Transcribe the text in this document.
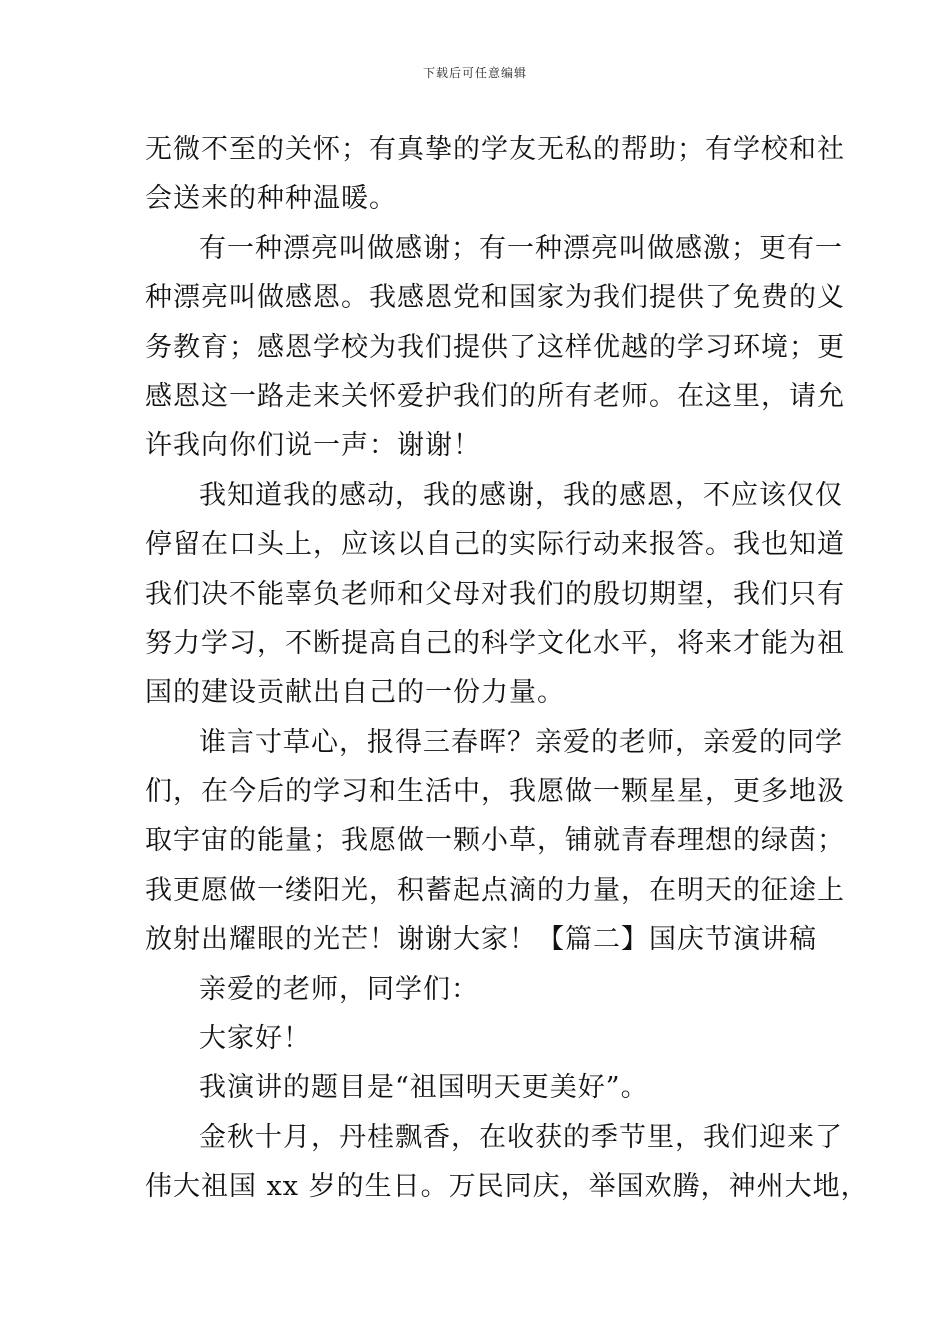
下载后可任意编辑
无微不至的关怀；有真挚的学友无私的帮助；有学校和社
会送来的种种温暖。
有一种漂亮叫做感谢；有一种漂亮叫做感激；更有一
种漂亮叫做感恩。我感恩党和国家为我们提供了免费的义
务教育；感恩学校为我们提供了这样优越的学习环境；更
感恩这一路走来关怀爱护我们的所有老师。在这里，请允
许我向你们说一声：谢谢！
我知道我的感动，我的感谢，我的感恩，不应该仅仅
停留在口头上，应该以自己的实际行动来报答。我也知道
我们决不能辜负老师和父母对我们的殷切期望，我们只有
努力学习，不断提高自己的科学文化水平，将来才能为祖
国的建设贡献出自己的一份力量。
谁言寸草心，报得三春晖？亲爱的老师，亲爱的同学
们，在今后的学习和生活中，我愿做一颗星星，更多地汲
取宇宙的能量；我愿做一颗小草，铺就青春理想的绿茵；
我更愿做一缕阳光，积蓄起点滴的力量，在明天的征途上
放射出耀眼的光芒！谢谢大家！【篇二】国庆节演讲稿
亲爱的老师，同学们：
大家好！
我演讲的题目是“祖国明天更美好”。
金秋十月，丹桂飘香，在收获的季节里，我们迎来了
伟大祖国 xx 岁的生日。万民同庆，举国欢腾，神州大地，
